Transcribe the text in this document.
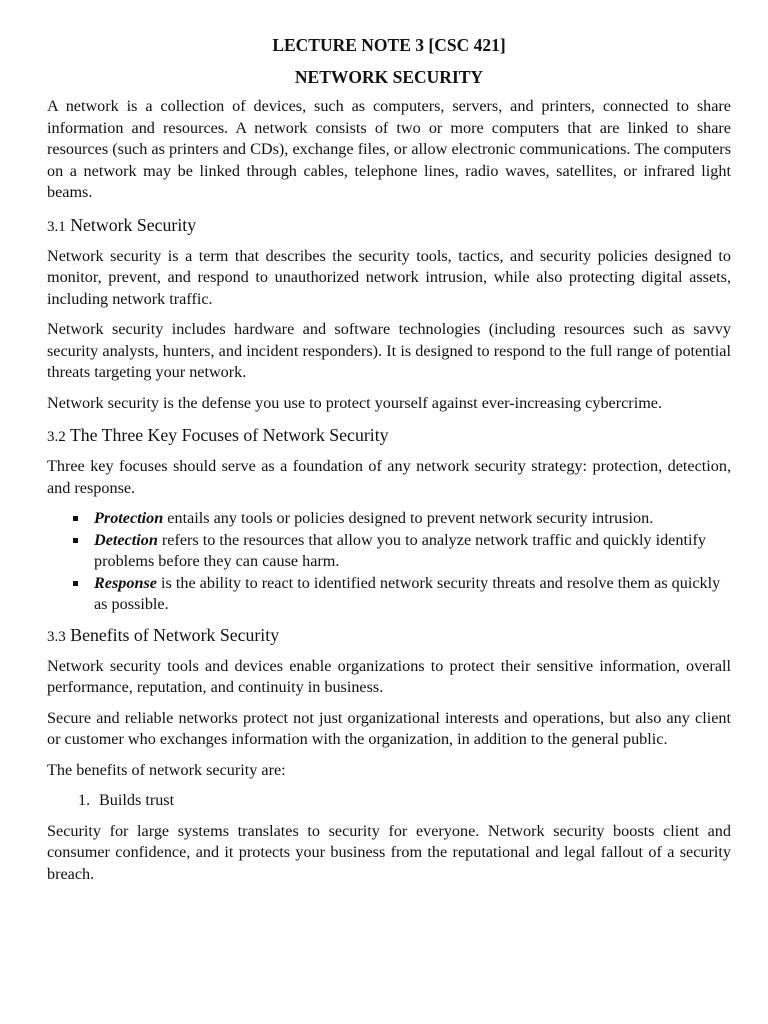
LECTURE NOTE 3 [CSC 421]
NETWORK SECURITY

A network is a collection of devices, such as computers, servers, and printers, connected to share information and resources. A network consists of two or more computers that are linked to share resources (such as printers and CDs), exchange files, or allow electronic communications. The computers on a network may be linked through cables, telephone lines, radio waves, satellites, or infrared light beams.

3.1 Network Security

Network security is a term that describes the security tools, tactics, and security policies designed to monitor, prevent, and respond to unauthorized network intrusion, while also protecting digital assets, including network traffic.

Network security includes hardware and software technologies (including resources such as savvy security analysts, hunters, and incident responders). It is designed to respond to the full range of potential threats targeting your network.

Network security is the defense you use to protect yourself against ever-increasing cybercrime.

3.2 The Three Key Focuses of Network Security

Three key focuses should serve as a foundation of any network security strategy: protection, detection, and response.

Protection entails any tools or policies designed to prevent network security intrusion.
Detection refers to the resources that allow you to analyze network traffic and quickly identify problems before they can cause harm.
Response is the ability to react to identified network security threats and resolve them as quickly as possible.
3.3 Benefits of Network Security

Network security tools and devices enable organizations to protect their sensitive information, overall performance, reputation, and continuity in business.

Secure and reliable networks protect not just organizational interests and operations, but also any client or customer who exchanges information with the organization, in addition to the general public.

The benefits of network security are:

1. Builds trust

Security for large systems translates to security for everyone. Network security boosts client and consumer confidence, and it protects your business from the reputational and legal fallout of a security breach.
